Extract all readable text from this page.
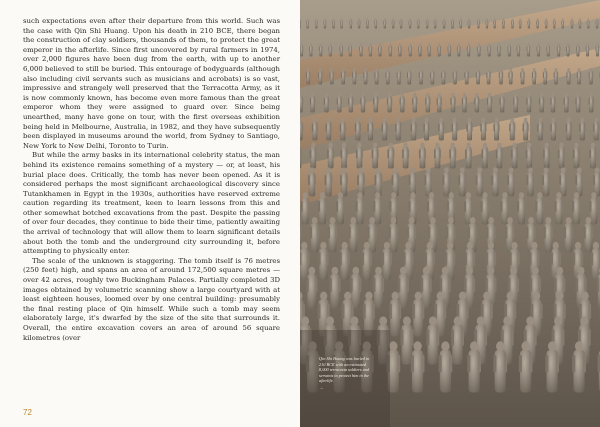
such expectations even after their departure from this world. Such was the case with Qin Shi Huang. Upon his death in 210 BCE, there began the construction of clay soldiers, thousands of them, to protect the great emperor in the afterlife. Since first uncovered by rural farmers in 1974, over 2,000 figures have been dug from the earth, with up to another 6,000 believed to still be buried. This entourage of bodyguards (although also including civil servants such as musicians and acrobats) is so vast, impressive and strangely well preserved that the Terracotta Army, as it is now commonly known, has become even more famous than the great emperor whom they were assigned to guard over. Since being unearthed, many have gone on tour, with the first overseas exhibition being held in Melbourne, Australia, in 1982, and they have subsequently been displayed in museums around the world, from Sydney to Santiago, New York to New Delhi, Toronto to Turin.

But while the army basks in its international celebrity status, the man behind its existence remains something of a mystery — or, at least, his burial place does. Critically, the tomb has never been opened. As it is considered perhaps the most significant archaeological discovery since Tutankhamen in Egypt in the 1930s, authorities have reserved extreme caution regarding its treatment, keen to learn lessons from this and other somewhat botched excavations from the past. Despite the passing of over four decades, they continue to bide their time, patiently awaiting the arrival of technology that will allow them to learn significant details about both the tomb and the underground city surrounding it, before attempting to physically enter.

The scale of the unknown is staggering. The tomb itself is 76 metres (250 feet) high, and spans an area of around 172,500 square metres — over 42 acres, roughly two Buckingham Palaces. Partially completed 3D images obtained by volumetric scanning show a large courtyard with at least eighteen houses, loomed over by one central building: presumably the final resting place of Qin himself. While such a tomb may seem elaborately large, it's dwarfed by the size of the site that surrounds it. Overall, the entire excavation covers an area of around 56 square kilometres (over

72
Qin Shi Huang was buried in 210 BCE with an estimated 8,000 terracotta soldiers and servants to protect him in the afterlife.
→
